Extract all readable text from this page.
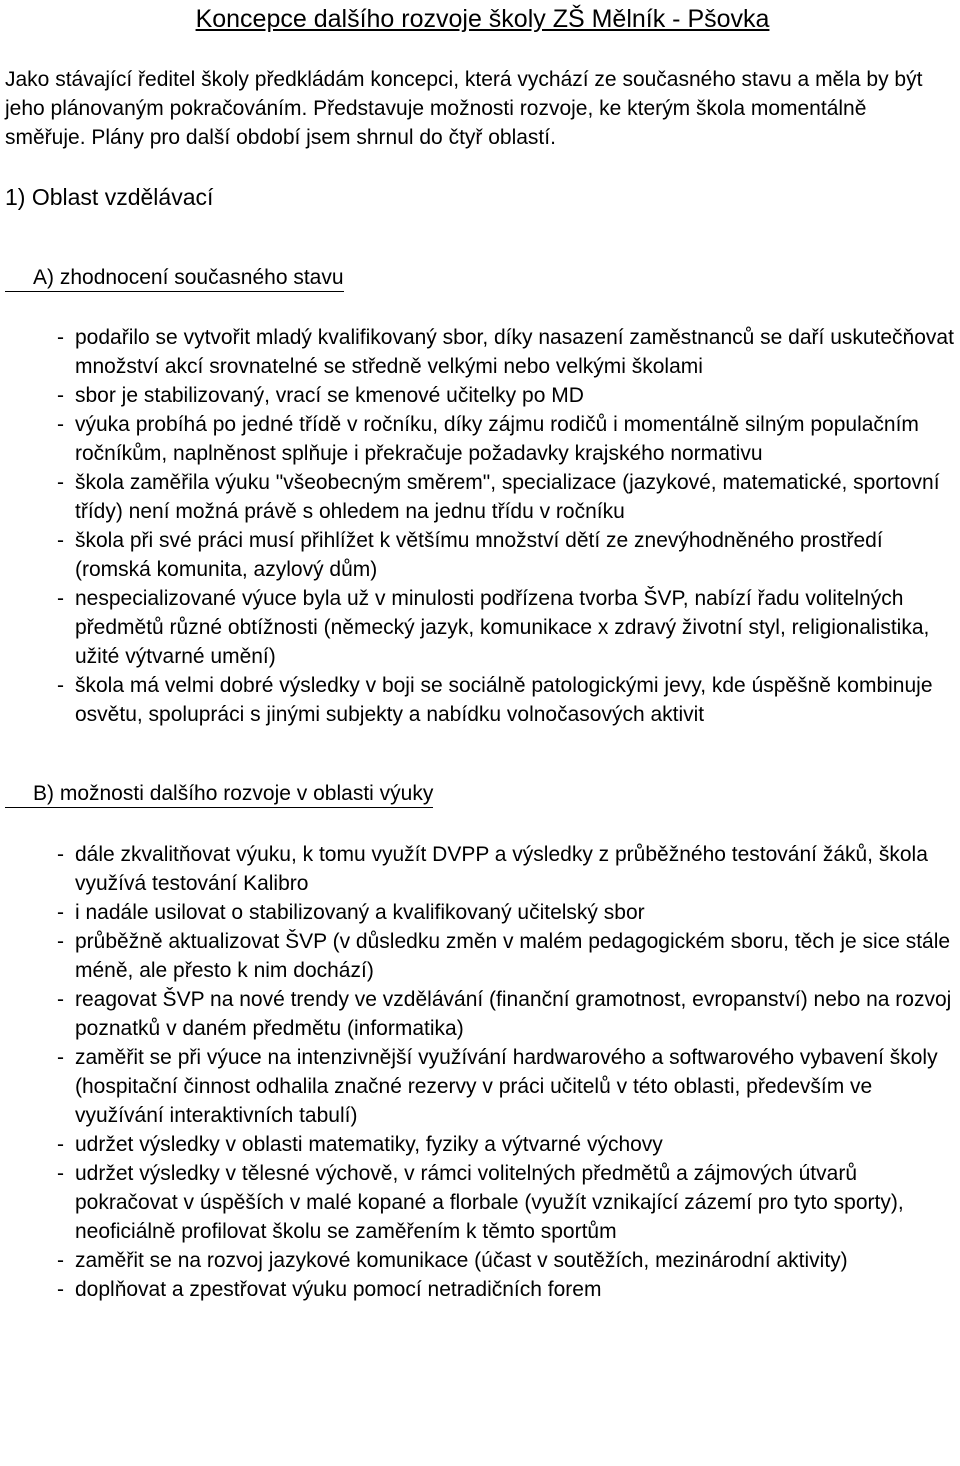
Koncepce dalšího rozvoje školy ZŠ Mělník - Pšovka

Jako stávající ředitel školy předkládám koncepci, která vychází ze současného stavu a měla by být jeho plánovaným pokračováním. Představuje možnosti rozvoje, ke kterým škola momentálně směřuje. Plány pro další období jsem shrnul do čtyř oblastí.

1) Oblast vzdělávací
A) zhodnocení současného stavu
- podařilo se vytvořit mladý kvalifikovaný sbor, díky nasazení zaměstnanců se daří uskutečňovat množství akcí srovnatelné se středně velkými nebo velkými školami
- sbor je stabilizovaný, vrací se kmenové učitelky po MD
- výuka probíhá po jedné třídě v ročníku, díky zájmu rodičů i momentálně silným populačním ročníkům, naplněnost splňuje i překračuje požadavky krajského normativu
- škola zaměřila výuku "všeobecným směrem", specializace (jazykové, matematické, sportovní třídy) není možná právě s ohledem na jednu třídu v ročníku
- škola při své práci musí přihlížet k většímu množství dětí ze znevýhodněného prostředí (romská komunita, azylový dům)
- nespecializované výuce byla už v minulosti podřízena tvorba ŠVP, nabízí řadu volitelných předmětů různé obtížnosti (německý jazyk, komunikace x zdravý životní styl, religionalistika, užité výtvarné umění)
- škola má velmi dobré výsledky v boji se sociálně patologickými jevy, kde úspěšně kombinuje osvětu, spolupráci s jinými subjekty a nabídku volnočasových aktivit
B) možnosti dalšího rozvoje v oblasti výuky
- dále zkvalitňovat výuku, k tomu využít DVPP a výsledky z průběžného testování žáků, škola využívá testování Kalibro
- i nadále usilovat o stabilizovaný a kvalifikovaný učitelský sbor
- průběžně aktualizovat ŠVP (v důsledku změn v malém pedagogickém sboru, těch je sice stále méně, ale přesto k nim dochází)
- reagovat ŠVP na nové trendy ve vzdělávání (finanční gramotnost, evropanství) nebo na rozvoj poznatků v daném předmětu (informatika)
- zaměřit se při výuce na intenzivnější využívání hardwarového a softwarového vybavení školy (hospitační činnost odhalila značné rezervy v práci učitelů v této oblasti, především ve využívání interaktivních tabulí)
- udržet výsledky v oblasti matematiky, fyziky a výtvarné výchovy
- udržet výsledky v tělesné výchově, v rámci volitelných předmětů a zájmových útvarů pokračovat v úspěších v malé kopané a florbale (využít vznikající zázemí pro tyto sporty), neoficiálně profilovat školu se zaměřením k těmto sportům
- zaměřit se na rozvoj jazykové komunikace (účast v soutěžích, mezinárodní aktivity)
- doplňovat a zpestřovat výuku pomocí netradičních forem
